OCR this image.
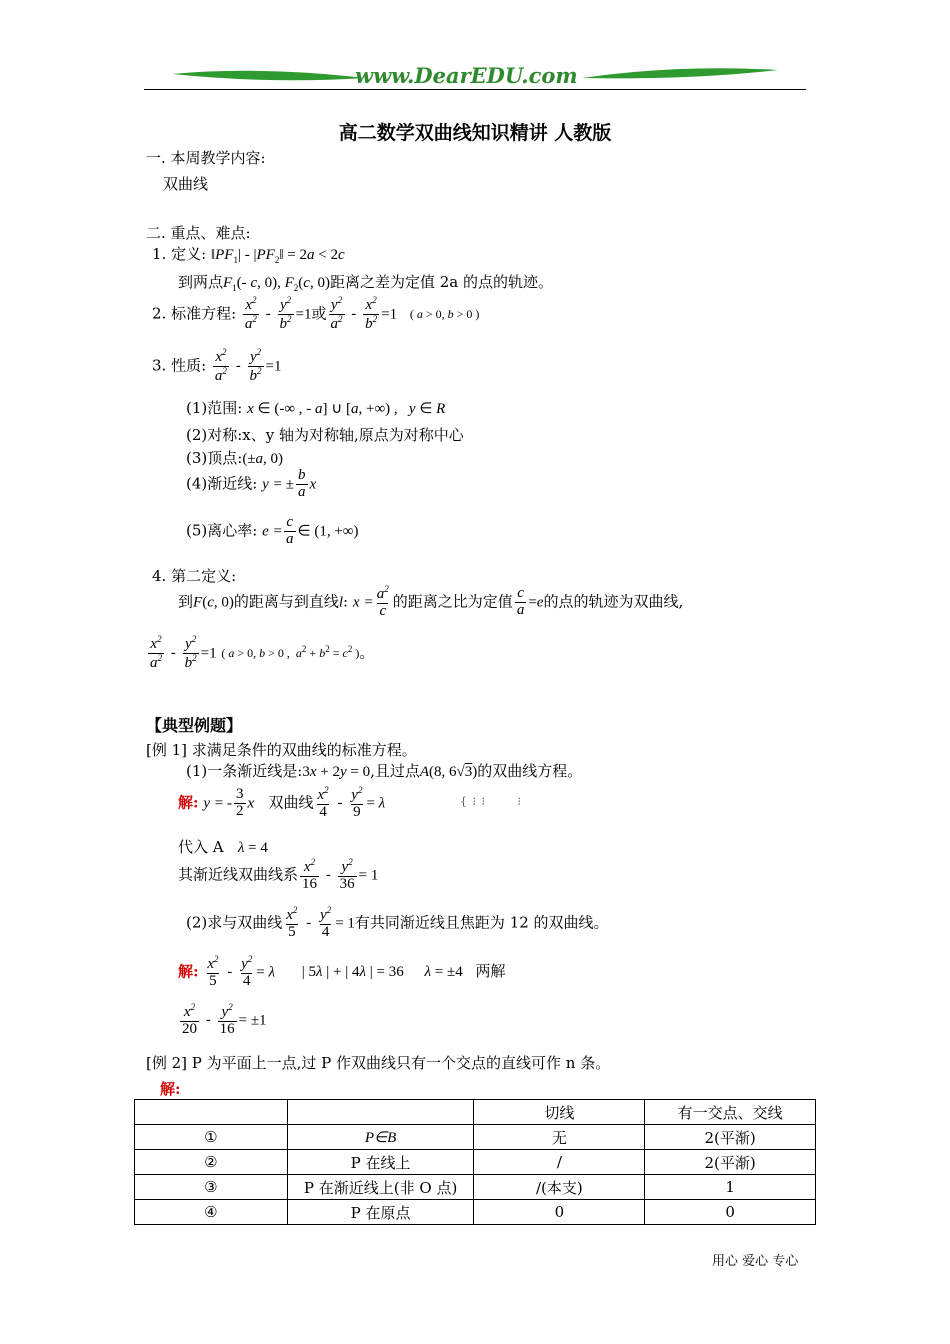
www.DearEDU.com
高二数学双曲线知识精讲 人教版
一. 本周教学内容:
双曲线
二. 重点、难点:
1. 定义: $‖PF_1|$ - $|PF_2‖ = 2a < 2c$
到两点$F_1(-$ c, 0), $F_2(c$, 0)距离之差为定值 2a 的点的轨迹。
2. 标准方程: $\frac{x^2}{a^2} - \frac{y^2}{b^2} =1$或 $\frac{y^2}{a^2} - \frac{x^2}{b^2} =1$ ( a > 0, b > 0 )
3. 性质: $\frac{x^2}{a^2} - \frac{y^2}{b^2} =1$
(1)范围: x ∈ (-∞ , - a] ∪ [a, +∞) ,   y ∈ R
(2)对称:x、y 轴为对称轴,原点为对称中心
(3)顶点:(±a, 0)
(4)渐近线: y = ± $\frac{b}{a}$ x
(5)离心率: $e = \frac{c}{a}$ ∈ (1, +∞)
4. 第二定义:
到F(c, 0)的距离与到直线l: $x = \frac{a^2}{c}$ 的距离之比为定值 $\frac{c}{a} =e$的点的轨迹为双曲线,
$\frac{x^2}{a^2} - \frac{y^2}{b^2} =1$ ( a > 0, b > 0 ,  $a^2 + b^2 = c^2$ )。
【典型例题】
[例 1] 求满足条件的双曲线的标准方程。
(1)一条渐近线是:3x + 2y = 0,且过点A(8, 6√3)的双曲线方程。
解: y = - $\frac{3}{2}$ x 双曲线 $\frac{x^2}{4} - \frac{y^2}{9} = \lambda$	{ ⁝ ⁝       ⁝
代入 A λ = 4
其渐近线双曲线系 $\frac{x^2}{16} - \frac{y^2}{36} = 1$
(2)求与双曲线 $\frac{x^2}{5} - \frac{y^2}{4} = 1$有共同渐近线且焦距为 12 的双曲线。
解: $\frac{x^2}{5} - \frac{y^2}{4} = \lambda$ | 5λ | + | 4λ | = 36 λ = ±4 两解
$\frac{x^2}{20} - \frac{y^2}{16} = \pm 1$
[例 2] P 为平面上一点,过 P 作双曲线只有一个交点的直线可作 n 条。
解:
		切线	有一交点、交线
①	P∈B	无	2(平渐)
②	P 在线上	/	2(平渐)
③	P 在渐近线上(非 O 点)	/(本支)	1
④	P 在原点	0	0
用心 爱心 专心
